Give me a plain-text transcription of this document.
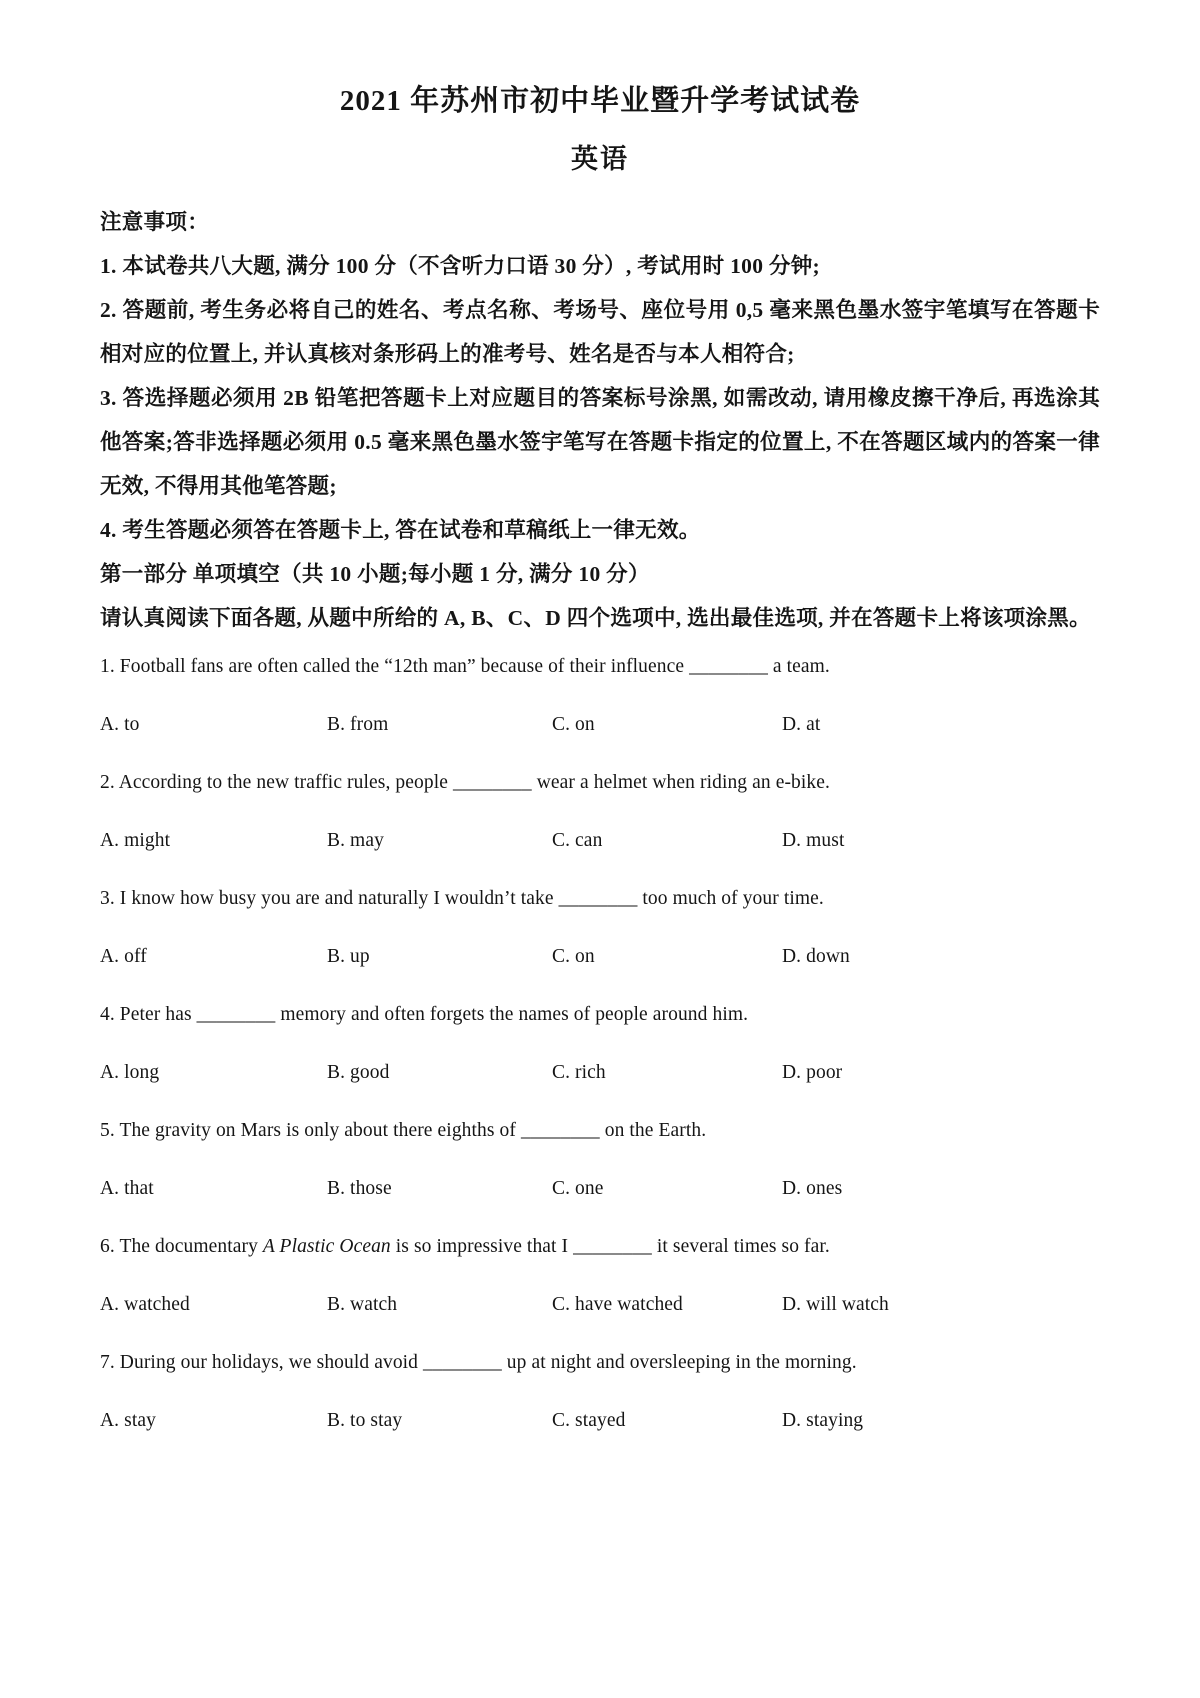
2021 年苏州市初中毕业暨升学考试试卷
英语
注意事项：
1. 本试卷共八大题, 满分 100 分（不含听力口语 30 分）, 考试用时 100 分钟;
2. 答题前, 考生务必将自己的姓名、考点名称、考场号、座位号用 0,5 毫来黑色墨水签宇笔填写在答题卡相对应的位置上, 并认真核对条形码上的准考号、姓名是否与本人相符合;
3. 答选择题必须用 2B 铅笔把答题卡上对应题目的答案标号涂黑, 如需改动, 请用橡皮擦干净后, 再选涂其他答案;答非选择题必须用 0.5 毫来黑色墨水签宇笔写在答题卡指定的位置上, 不在答题区域内的答案一律无效, 不得用其他笔答题;
4. 考生答题必须答在答题卡上, 答在试卷和草稿纸上一律无效。
第一部分 单项填空（共 10 小题;每小题 1 分, 满分 10 分）
请认真阅读下面各题, 从题中所给的 A, B、C、D 四个选项中, 选出最佳选项, 并在答题卡上将该项涂黑。
1. Football fans are often called the “12th man” because of their influence ________ a team.
A. to	B. from	C. on	D. at
2. According to the new traffic rules, people ________ wear a helmet when riding an e-bike.
A. might	B. may	C. can	D. must
3. I know how busy you are and naturally I wouldn’t take ________ too much of your time.
A. off	B. up	C. on	D. down
4. Peter has ________ memory and often forgets the names of people around him.
A. long	B. good	C. rich	D. poor
5. The gravity on Mars is only about there eighths of ________ on the Earth.
A. that	B. those	C. one	D. ones
6. The documentary A Plastic Ocean is so impressive that I ________ it several times so far.
A. watched	B. watch	C. have watched	D. will watch
7. During our holidays, we should avoid ________ up at night and oversleeping in the morning.
A. stay	B. to stay	C. stayed	D. staying
